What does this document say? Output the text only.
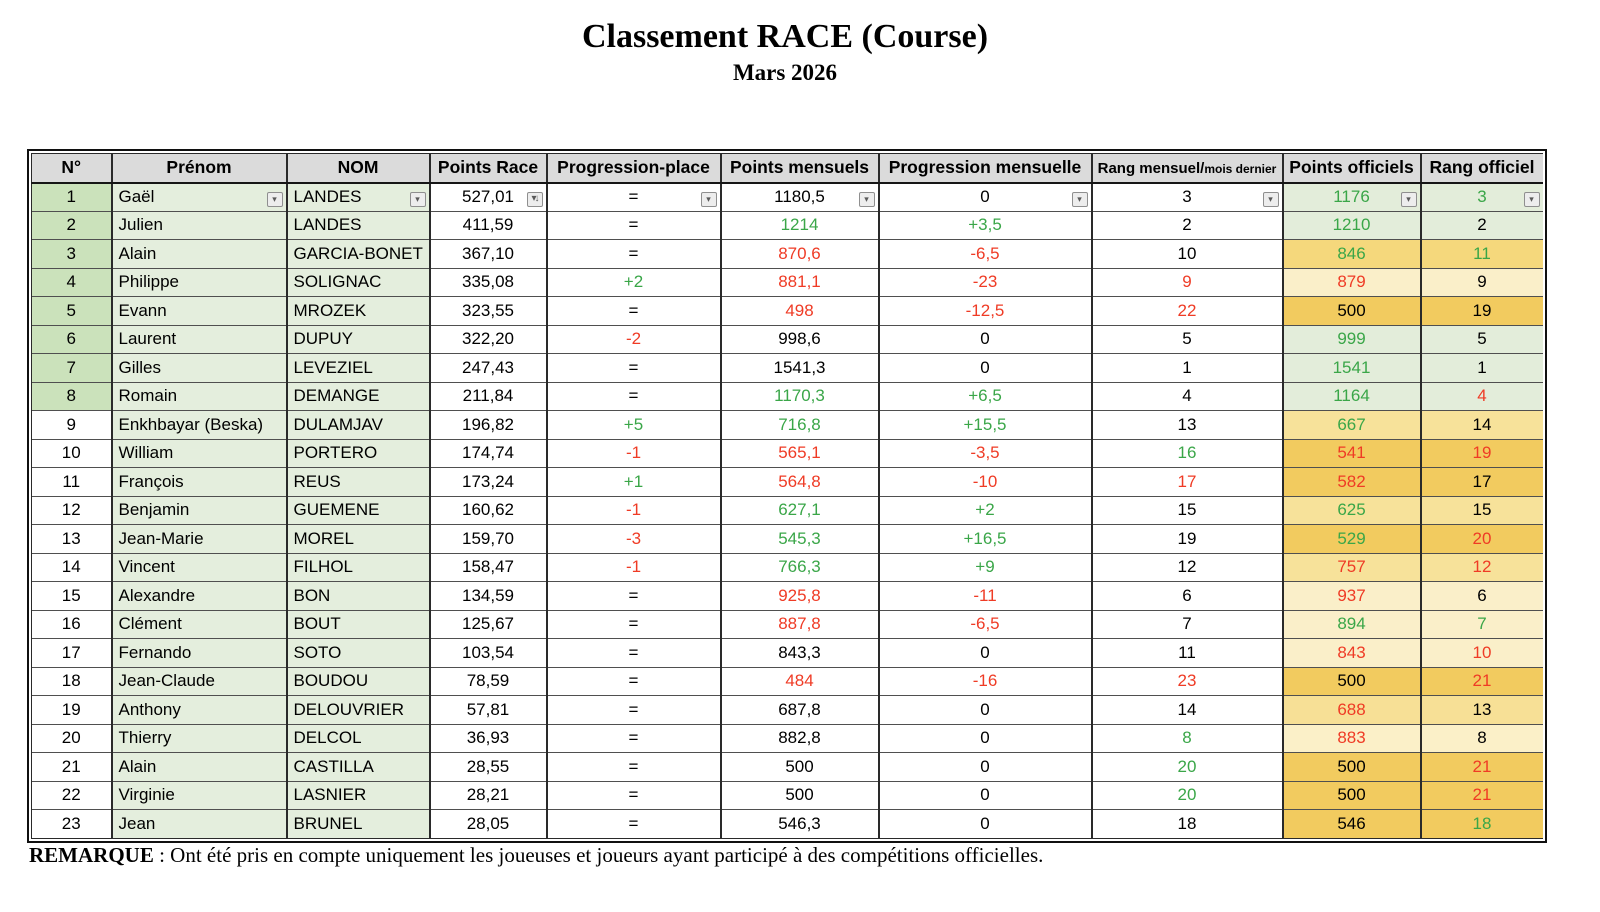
Classement RACE (Course)
Mars 2026
N°	Prénom	NOM	Points Race	Progression-place	Points mensuels	Progression mensuelle	Rang mensuel/mois dernier	Points officiels	Rang officiel
1	Gaël ▾	LANDES ▾	527,01 ▾↓	= ▾	1180,5 ▾	0 ▾	3 ▾	1176 ▾	3 ▾

2	Julien	LANDES	411,59	=	1214	+3,5	2	1210	2
3	Alain	GARCIA-BONET	367,10	=	870,6	-6,5	10	846	11
4	Philippe	SOLIGNAC	335,08	+2	881,1	-23	9	879	9
5	Evann	MROZEK	323,55	=	498	-12,5	22	500	19
6	Laurent	DUPUY	322,20	-2	998,6	0	5	999	5
7	Gilles	LEVEZIEL	247,43	=	1541,3	0	1	1541	1
8	Romain	DEMANGE	211,84	=	1170,3	+6,5	4	1164	4
9	Enkhbayar (Beska)	DULAMJAV	196,82	+5	716,8	+15,5	13	667	14
10	William	PORTERO	174,74	-1	565,1	-3,5	16	541	19
11	François	REUS	173,24	+1	564,8	-10	17	582	17
12	Benjamin	GUEMENE	160,62	-1	627,1	+2	15	625	15
13	Jean-Marie	MOREL	159,70	-3	545,3	+16,5	19	529	20
14	Vincent	FILHOL	158,47	-1	766,3	+9	12	757	12
15	Alexandre	BON	134,59	=	925,8	-11	6	937	6
16	Clément	BOUT	125,67	=	887,8	-6,5	7	894	7
17	Fernando	SOTO	103,54	=	843,3	0	11	843	10
18	Jean-Claude	BOUDOU	78,59	=	484	-16	23	500	21
19	Anthony	DELOUVRIER	57,81	=	687,8	0	14	688	13
20	Thierry	DELCOL	36,93	=	882,8	0	8	883	8
21	Alain	CASTILLA	28,55	=	500	0	20	500	21
22	Virginie	LASNIER	28,21	=	500	0	20	500	21
23	Jean	BRUNEL	28,05	=	546,3	0	18	546	18
REMARQUE : Ont été pris en compte uniquement les joueuses et joueurs ayant participé à des compétitions officielles.
